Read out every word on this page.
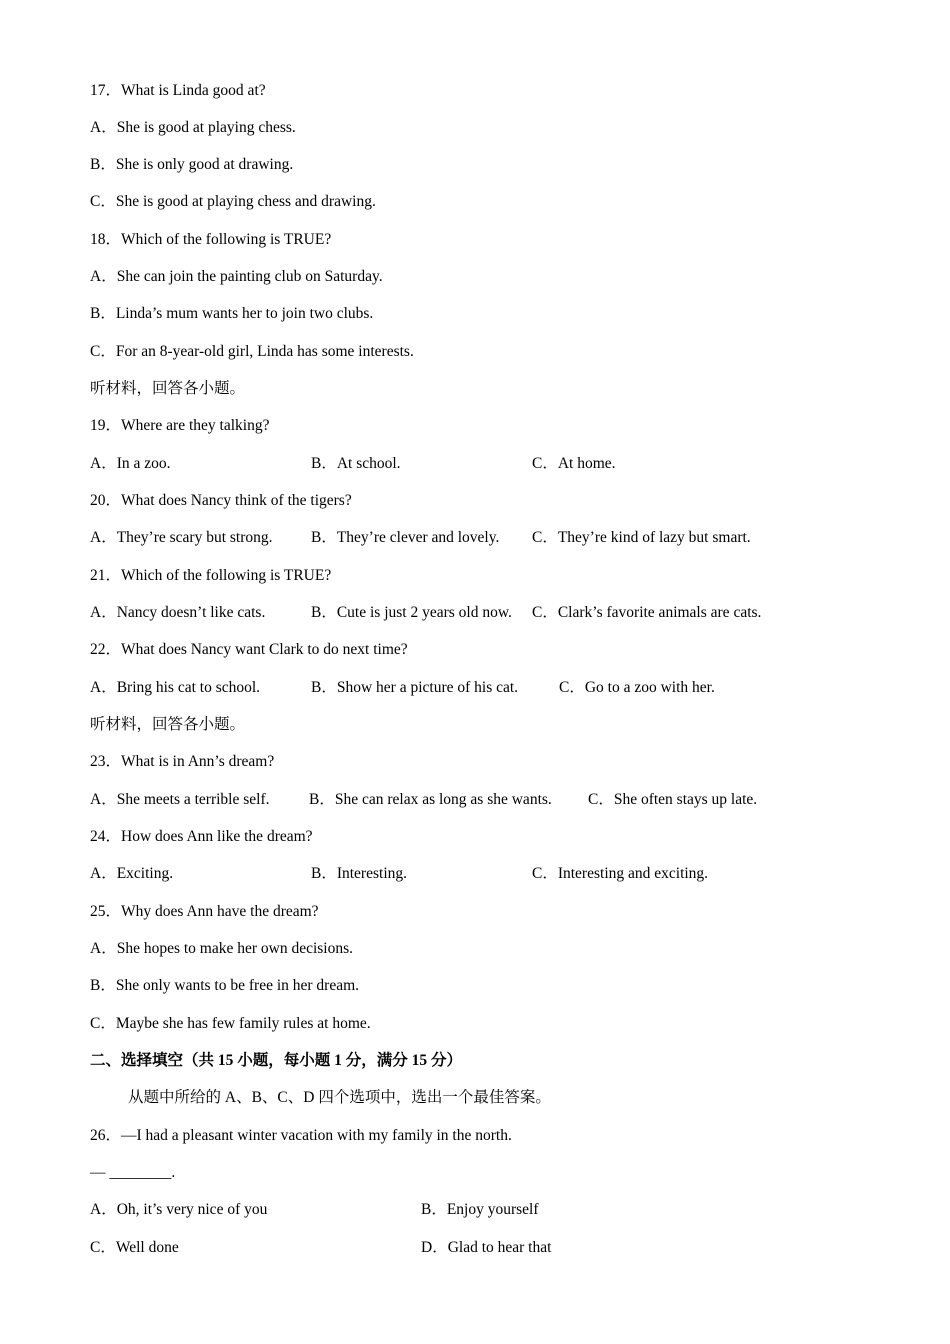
17．What is Linda good at?
A．She is good at playing chess.
B．She is only good at drawing.
C．She is good at playing chess and drawing.
18．Which of the following is TRUE?
A．She can join the painting club on Saturday.
B．Linda’s mum wants her to join two clubs.
C．For an 8-year-old girl, Linda has some interests.
听材料，回答各小题。
19．Where are they talking?
A．In a zoo.	B．At school.	C．At home.
20．What does Nancy think of the tigers?
A．They’re scary but strong. B．They’re clever and lovely. C．They’re kind of lazy but smart.
21．Which of the following is TRUE?
A．Nancy doesn’t like cats.	B．Cute is just 2 years old now. C．Clark’s favorite animals are cats.
22．What does Nancy want Clark to do next time?
A．Bring his cat to school.	B．Show her a picture of his cat.	C．Go to a zoo with her.
听材料，回答各小题。
23．What is in Ann’s dream?
A．She meets a terrible self.	B．She can relax as long as she wants. C．She often stays up late.
24．How does Ann like the dream?
A．Exciting.	B．Interesting.	C．Interesting and exciting.
25．Why does Ann have the dream?
A．She hopes to make her own decisions.
B．She only wants to be free in her dream.
C．Maybe she has few family rules at home.
二、选择填空（共 15 小题，每小题 1 分，满分 15 分）
从题中所给的 A、B、C、D 四个选项中，选出一个最佳答案。
26．—I had a pleasant winter vacation with my family in the north.
— ________.
A．Oh, it’s very nice of you	B．Enjoy yourself
C．Well done	D．Glad to hear that
